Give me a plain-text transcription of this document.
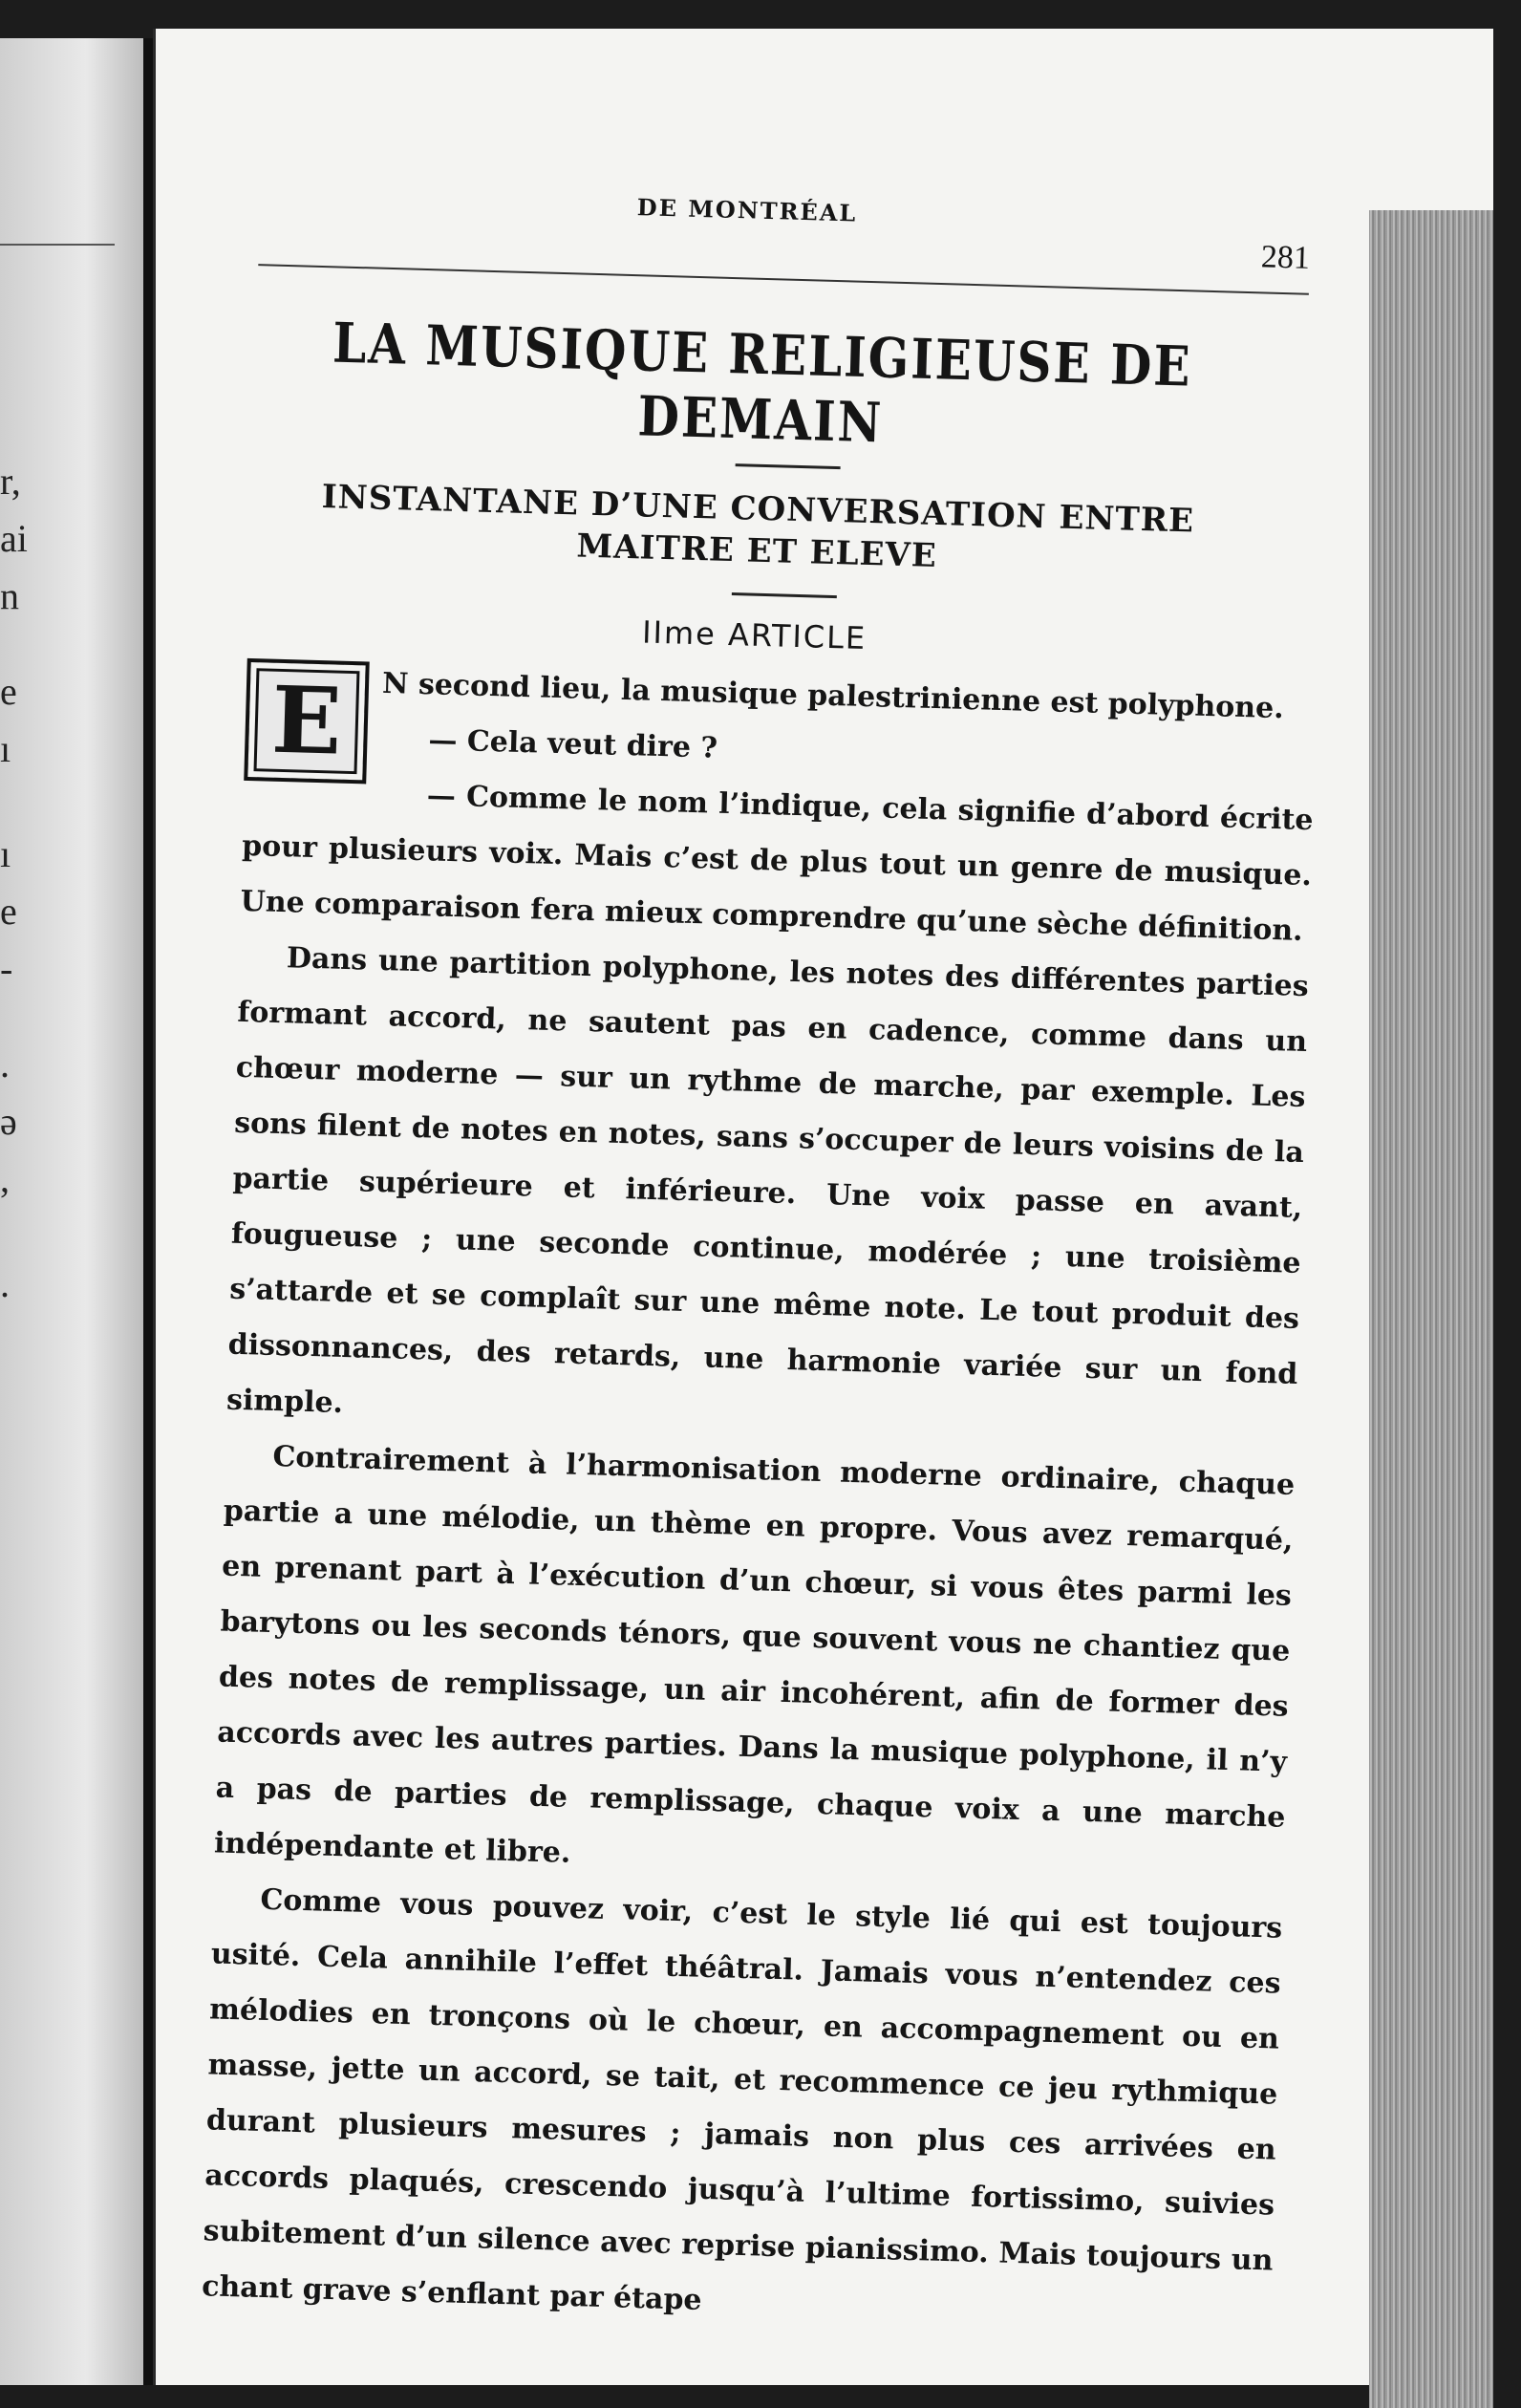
r,
ai
n
e
ı
ı
e
-
.
ə
,
.
DE MONTRÉAL
281
LA MUSIQUE RELIGIEUSE DE DEMAIN
INSTANTANE D’UNE CONVERSATION ENTRE
MAITRE ET ELEVE
IIme ARTICLE
E	N second lieu, la musique palestrinienne est polyphone.

— Cela veut dire ?

— Comme le nom l’indique, cela signifie d’abord écrite pour plusieurs voix. Mais c’est de plus tout un genre de musique. Une comparaison fera mieux comprendre qu’une sèche définition.

Dans une partition polyphone, les notes des différentes parties formant accord, ne sautent pas en cadence, comme dans un chœur moderne — sur un rythme de marche, par exemple. Les sons filent de notes en notes, sans s’occuper de leurs voisins de la partie supérieure et inférieure. Une voix passe en avant, fougueuse ; une seconde continue, modérée ; une troisième s’attarde et se complaît sur une même note. Le tout produit des dissonnances, des retards, une harmonie variée sur un fond simple.

Contrairement à l’harmonisation moderne ordinaire, chaque partie a une mélodie, un thème en propre. Vous avez remarqué, en prenant part à l’exécution d’un chœur, si vous êtes parmi les barytons ou les seconds ténors, que souvent vous ne chantiez que des notes de remplissage, un air incohérent, afin de former des accords avec les autres parties. Dans la musique polyphone, il n’y a pas de parties de remplissage, chaque voix a une marche indépendante et libre.

Comme vous pouvez voir, c’est le style lié qui est toujours usité. Cela annihile l’effet théâtral. Jamais vous n’entendez ces mélodies en tronçons où le chœur, en accompagnement ou en masse, jette un accord, se tait, et recommence ce jeu rythmique durant plusieurs mesures ; jamais non plus ces arrivées en accords plaqués, crescendo jusqu’à l’ultime fortissimo, suivies subitement d’un silence avec reprise pianissimo. Mais toujours un chant grave s’enflant par étape
